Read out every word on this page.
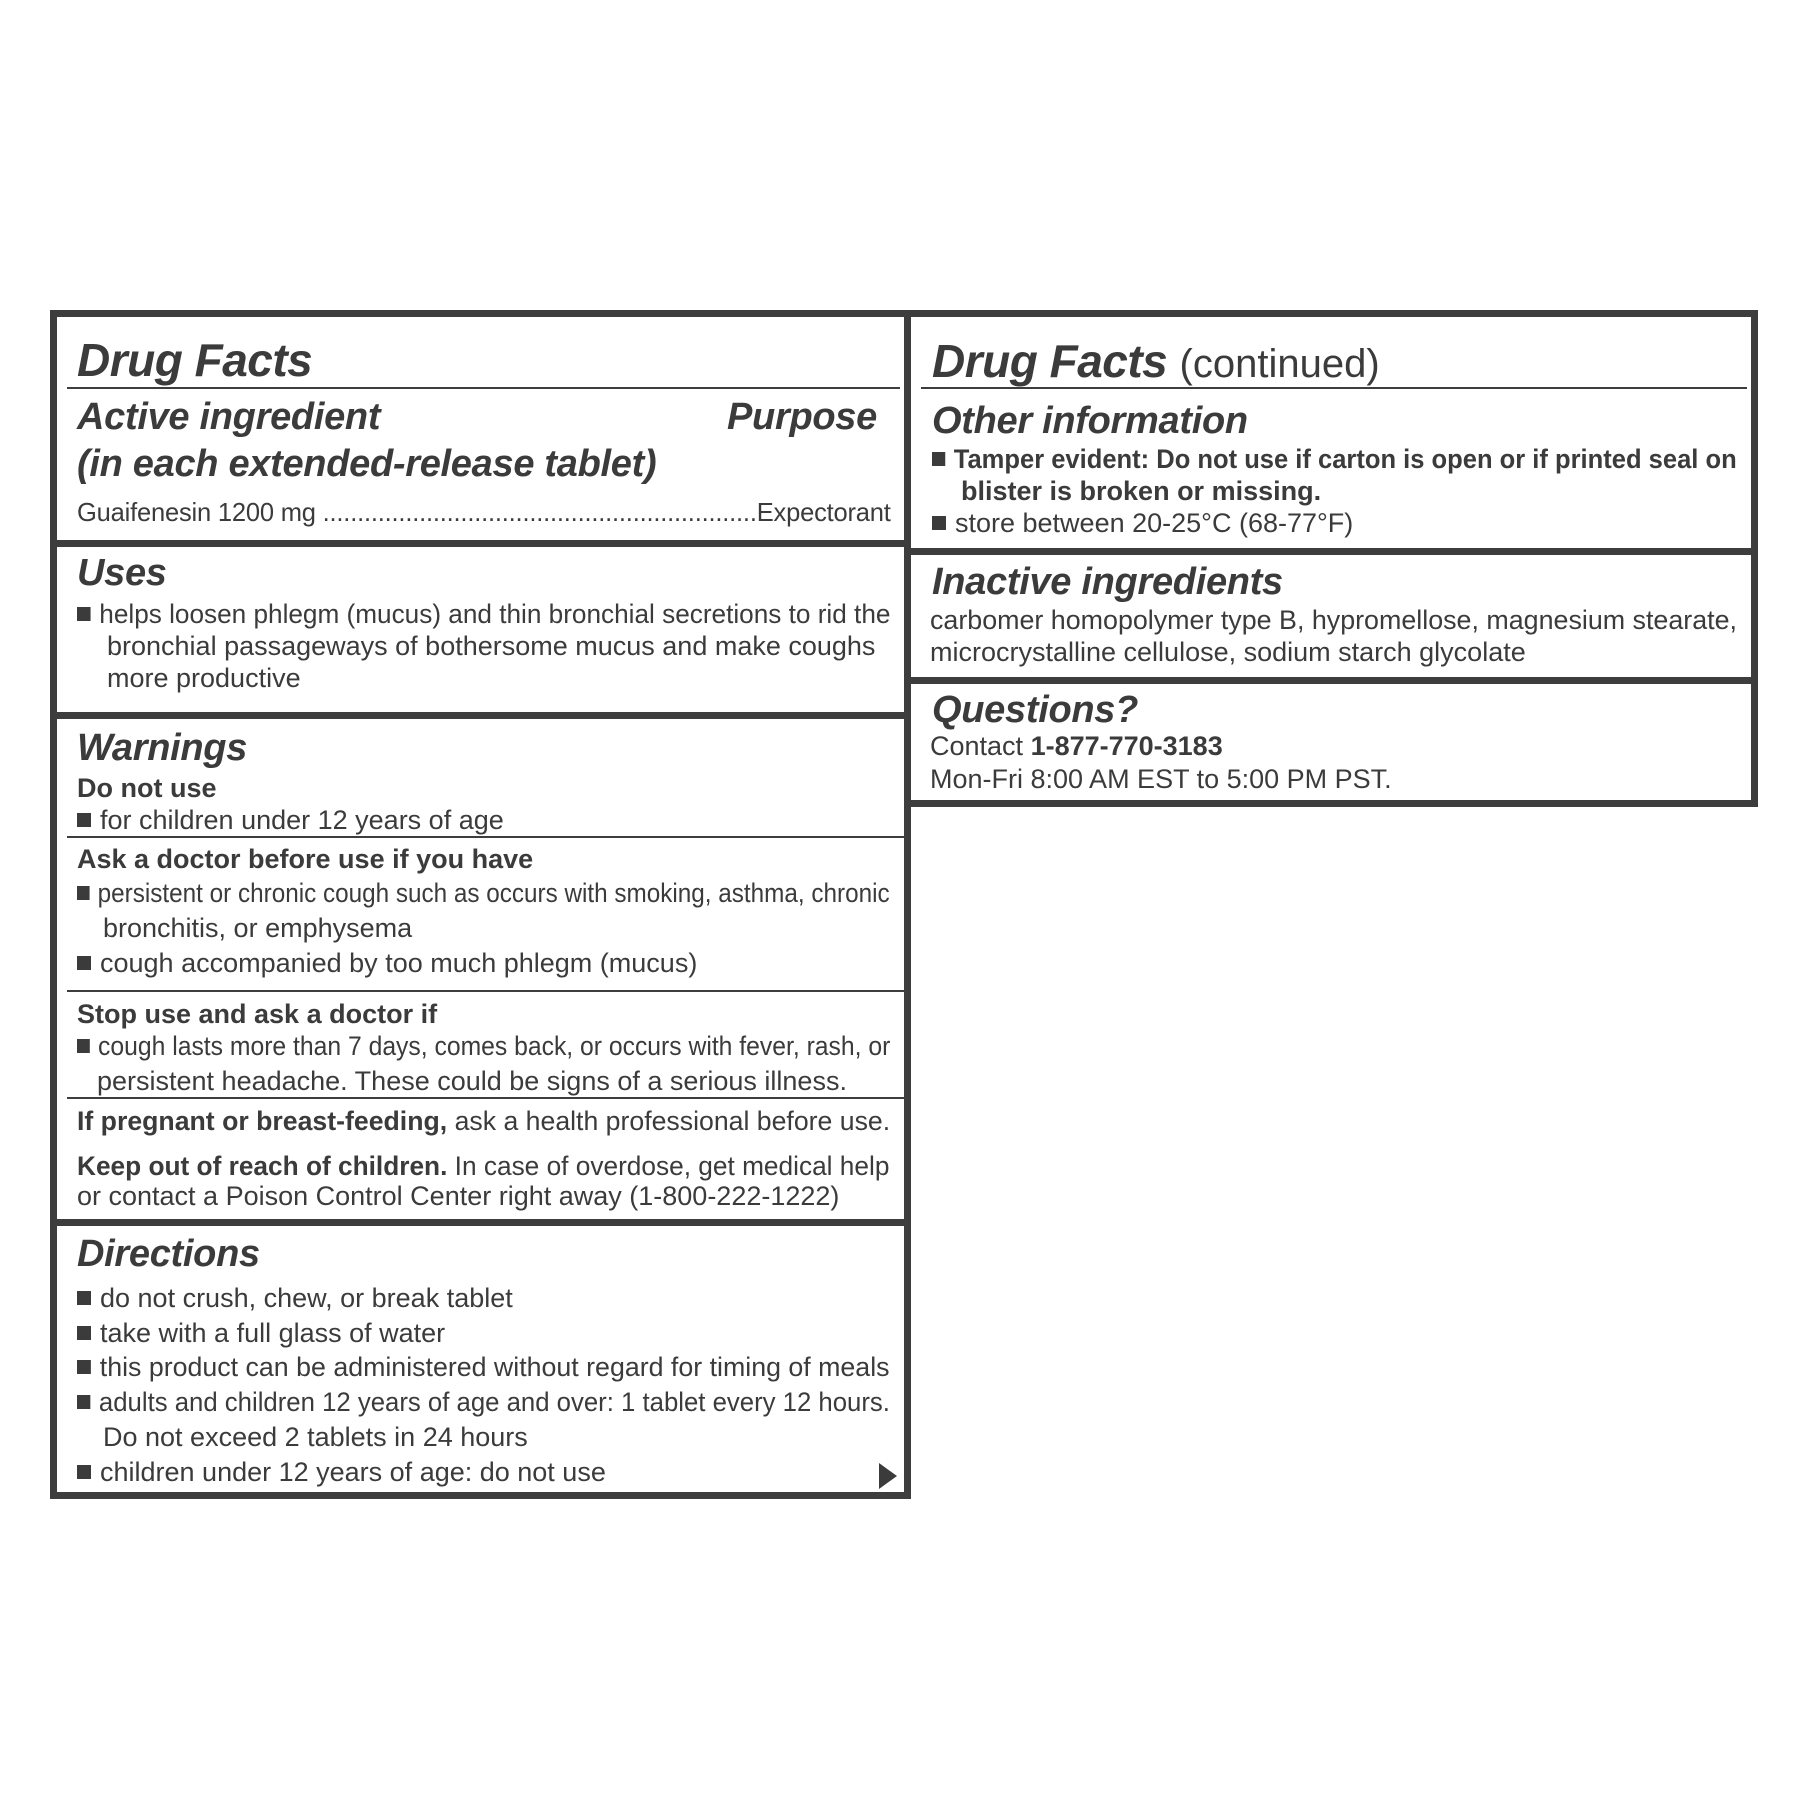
Drug Facts
Active ingredient	Purpose
(in each extended-release tablet)
Guaifenesin 1200 mg ...............................................................Expectorant
Uses
helps loosen phlegm (mucus) and thin bronchial secretions to rid the
bronchial passageways of bothersome mucus and make coughs
more productive
Warnings
Do not use
for children under 12 years of age
Ask a doctor before use if you have
persistent or chronic cough such as occurs with smoking, asthma, chronic
bronchitis, or emphysema
cough accompanied by too much phlegm (mucus)
Stop use and ask a doctor if
cough lasts more than 7 days, comes back, or occurs with fever, rash, or
persistent headache. These could be signs of a serious illness.
If pregnant or breast-feeding, ask a health professional before use.
Keep out of reach of children. In case of overdose, get medical help
or contact a Poison Control Center right away (1-800-222-1222)
Directions
do not crush, chew, or break tablet
take with a full glass of water
this product can be administered without regard for timing of meals
adults and children 12 years of age and over: 1 tablet every 12 hours.
Do not exceed 2 tablets in 24 hours
children under 12 years of age: do not use
Drug Facts (continued)
Other information
Tamper evident: Do not use if carton is open or if printed seal on
blister is broken or missing.
store between 20-25°C (68-77°F)
Inactive ingredients
carbomer homopolymer type B, hypromellose, magnesium stearate,
microcrystalline cellulose, sodium starch glycolate
Questions?
Contact 1-877-770-3183
Mon-Fri 8:00 AM EST to 5:00 PM PST.
